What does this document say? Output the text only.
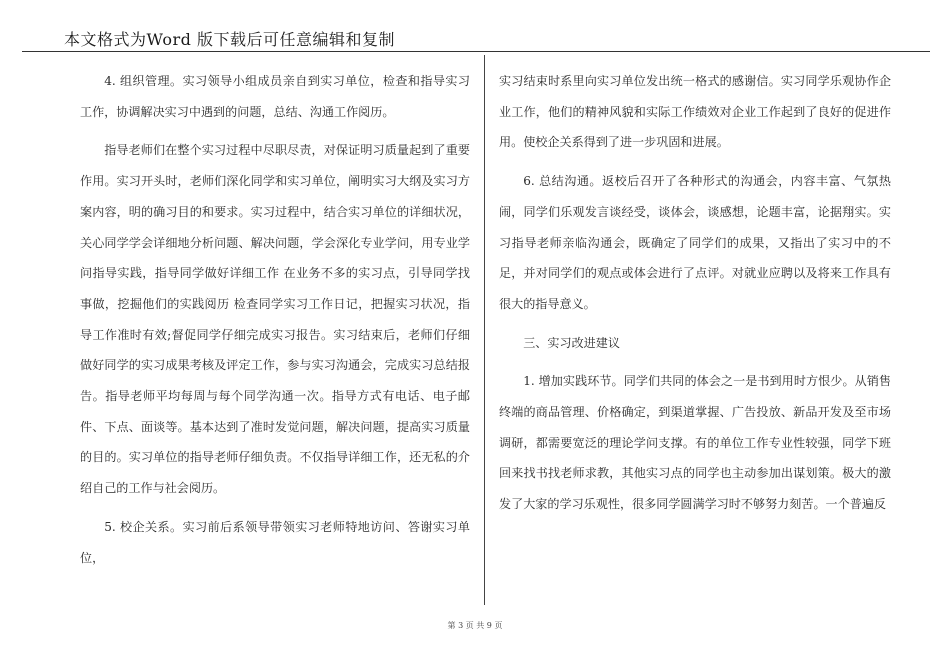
本文格式为Word 版下载后可任意编辑和复制

4. 组织管理。实习领导小组成员亲自到实习单位，检查和指导实习工作，协调解决实习中遇到的问题，总结、沟通工作阅历。

指导老师们在整个实习过程中尽职尽责，对保证明习质量起到了重要作用。实习开头时，老师们深化同学和实习单位，阐明实习大纲及实习方案内容，明的确习目的和要求。实习过程中，结合实习单位的详细状况，关心同学学会详细地分析问题、解决问题，学会深化专业学问，用专业学问指导实践，指导同学做好详细工作 在业务不多的实习点，引导同学找事做，挖掘他们的实践阅历 检查同学实习工作日记，把握实习状况，指导工作准时有效;督促同学仔细完成实习报告。实习结束后，老师们仔细做好同学的实习成果考核及评定工作，参与实习沟通会，完成实习总结报告。指导老师平均每周与每个同学沟通一次。指导方式有电话、电子邮件、下点、面谈等。基本达到了准时发觉问题，解决问题，提高实习质量的目的。实习单位的指导老师仔细负责。不仅指导详细工作，还无私的介绍自己的工作与社会阅历。

5. 校企关系。实习前后系领导带领实习老师特地访问、答谢实习单位，

实习结束时系里向实习单位发出统一格式的感谢信。实习同学乐观协作企业工作，他们的精神风貌和实际工作绩效对企业工作起到了良好的促进作用。使校企关系得到了进一步巩固和进展。

6. 总结沟通。返校后召开了各种形式的沟通会，内容丰富、气氛热闹，同学们乐观发言谈经受，谈体会，谈感想，论题丰富，论据翔实。实习指导老师亲临沟通会，既确定了同学们的成果，又指出了实习中的不足，并对同学们的观点或体会进行了点评。对就业应聘以及将来工作具有很大的指导意义。

三、实习改进建议

1. 增加实践环节。同学们共同的体会之一是书到用时方恨少。从销售终端的商品管理、价格确定，到渠道掌握、广告投放、新品开发及至市场调研，都需要宽泛的理论学问支撑。有的单位工作专业性较强，同学下班回来找书找老师求教，其他实习点的同学也主动参加出谋划策。极大的激发了大家的学习乐观性，很多同学圆满学习时不够努力刻苦。一个普遍反

第 3 页 共 9 页
